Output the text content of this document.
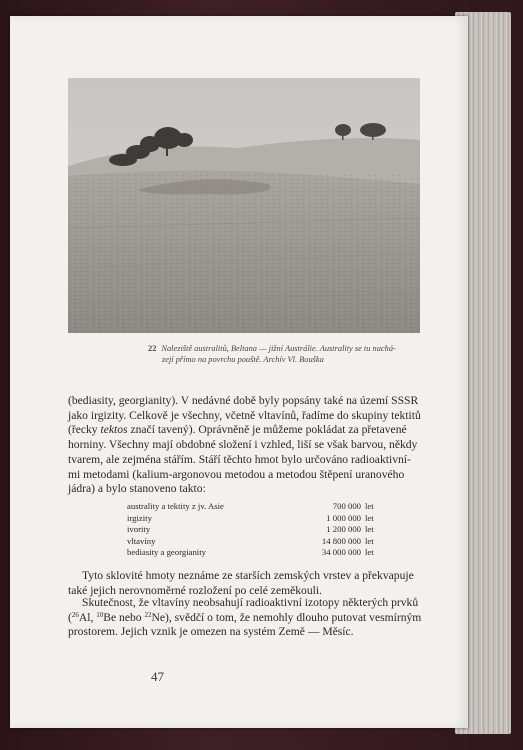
22 Naleziště australitů, Beltana — jižní Austrálie. Australity se tu nachá-
zejí přímo na povrchu pouště. Archív Vl. Bouška
(bediasity, georgianity). V nedávné době byly popsány také na území SSSR
jako irgizity. Celkově je všechny, včetně vltavínů, řadíme do skupiny tektitů
(řecky tektos značí tavený). Oprávněně je můžeme pokládat za přetavené
horniny. Všechny mají obdobné složení i vzhled, liší se však barvou, někdy
tvarem, ale zejména stářím. Stáří těchto hmot bylo určováno radioaktivní-
mi metodami (kalium-argonovou metodou a metodou štěpení uranového
jádra) a bylo stanoveno takto:
australity a tektity z jv. Asie	700 000	let
irgizity	1 000 000	let
ivority	1 200 000	let
vltavíny	14 800 000	let
bediasity a georgianity	34 000 000	let
Tyto sklovité hmoty neznáme ze starších zemských vrstev a překvapuje
také jejich nerovnoměrné rozložení po celé zeměkouli.
Skutečnost, že vltavíny neobsahují radioaktivní izotopy některých prvků
($^{26}$Al, $^{10}$Be nebo $^{22}$Ne), svědčí o tom, že nemohly dlouho putovat vesmírným
prostorem. Jejich vznik je omezen na systém Země — Měsíc.
47
